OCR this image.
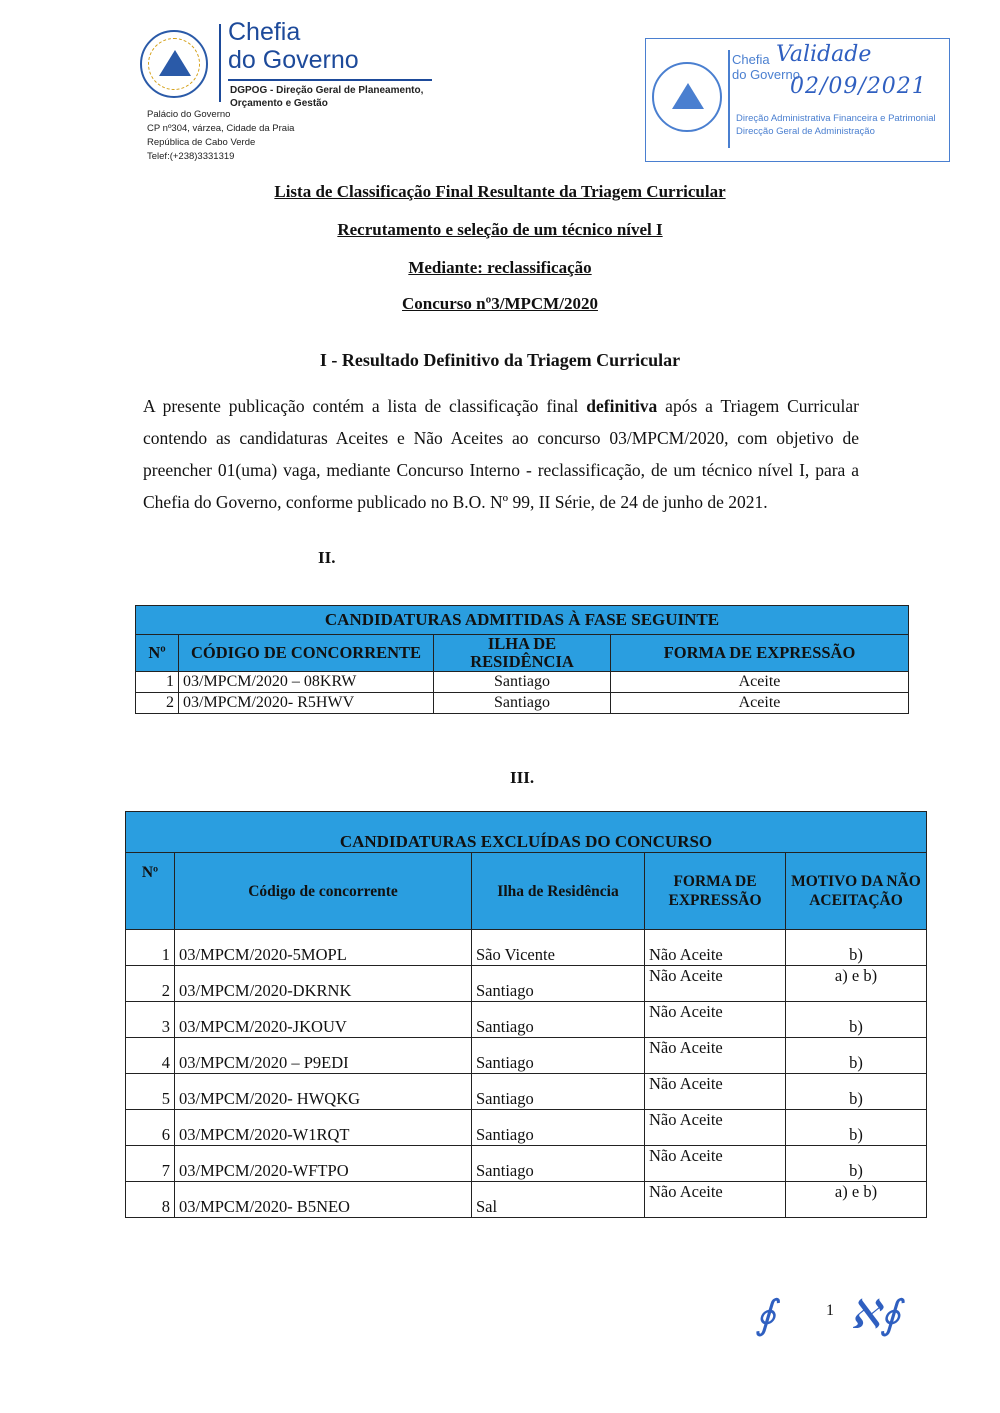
Chefia
do Governo
DGPOG - Direção Geral de Planeamento,
Orçamento e Gestão
Palácio do Governo
CP nº304, várzea, Cidade da Praia
República de Cabo Verde
Telef:(+238)3331319
Chefia
do Governo
Validade
02/09/2021
Direção Administrativa Financeira e Patrimonial
Direcção Geral de Administração
Lista de Classificação Final Resultante da Triagem Curricular
Recrutamento e seleção de um técnico nível I
Mediante: reclassificação
Concurso nº3/MPCM/2020
I - Resultado Definitivo da Triagem Curricular
A presente publicação contém a lista de classificação final definitiva após a Triagem Curricular contendo as candidaturas Aceites e Não Aceites ao concurso 03/MPCM/2020, com objetivo de preencher 01(uma) vaga, mediante Concurso Interno - reclassificação, de um técnico nível I, para a Chefia do Governo, conforme publicado no B.O. Nº 99, II Série, de 24 de junho de 2021.
II.
CANDIDATURAS ADMITIDAS À FASE SEGUINTE			
Nº	CÓDIGO DE CONCORRENTE	ILHA DE RESIDÊNCIA	FORMA DE EXPRESSÃO
1	03/MPCM/2020 – 08KRW	Santiago	Aceite
2	03/MPCM/2020- R5HWV	Santiago	Aceite
III.
CANDIDATURAS EXCLUÍDAS DO CONCURSO				
Nº	Código de concorrente	Ilha de Residência	FORMA DE EXPRESSÃO	MOTIVO DA NÃO ACEITAÇÃO
1	03/MPCM/2020-5MOPL	São Vicente	Não Aceite	b)
2	03/MPCM/2020-DKRNK	Santiago	Não Aceite	a) e b)
3	03/MPCM/2020-JKOUV	Santiago	Não Aceite	b)
4	03/MPCM/2020 – P9EDI	Santiago	Não Aceite	b)
5	03/MPCM/2020- HWQKG	Santiago	Não Aceite	b)
6	03/MPCM/2020-W1RQT	Santiago	Não Aceite	b)
7	03/MPCM/2020-WFTPO	Santiago	Não Aceite	b)
8	03/MPCM/2020- B5NEO	Sal	Não Aceite	a) e b)
∮	1 ℵ∮
